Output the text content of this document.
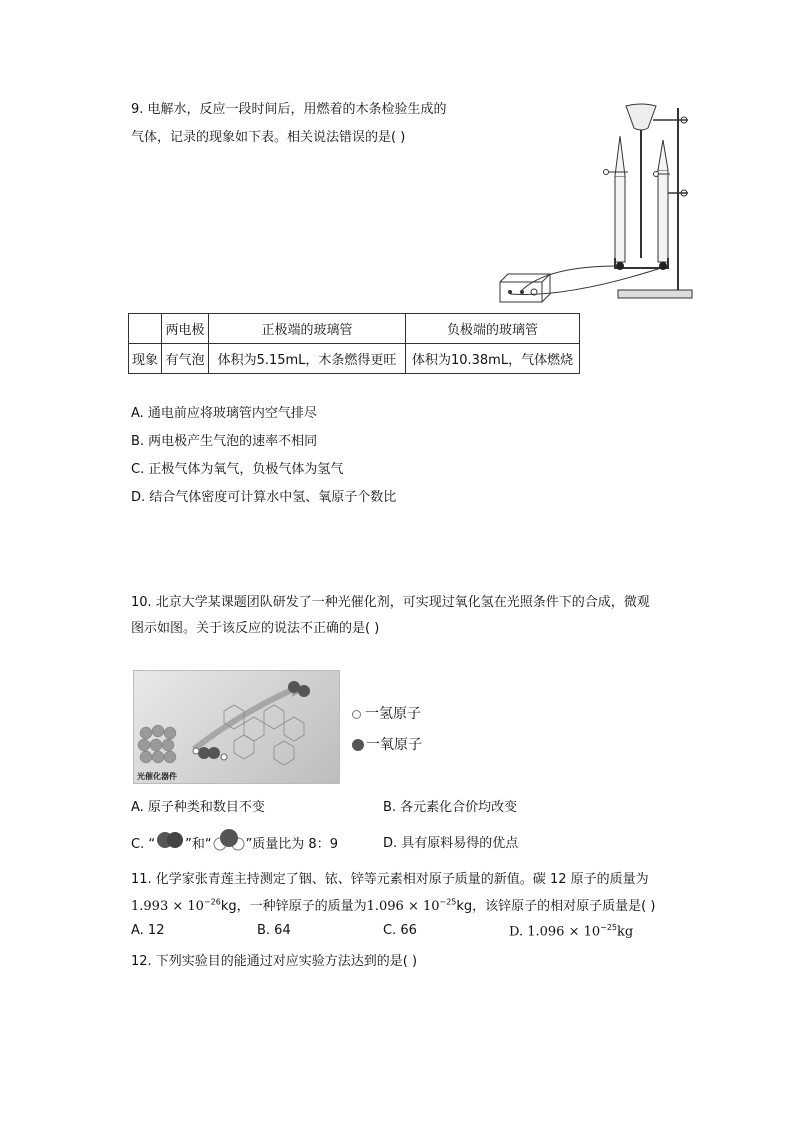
9. 电解水，反应一段时间后，用燃着的木条检验生成的
气体，记录的现象如下表。相关说法错误的是( )
	两电极	正极端的玻璃管	负极端的玻璃管
现象	有气泡	体积为5.15mL，木条燃得更旺	体积为10.38mL，气体燃烧
A. 通电前应将玻璃管内空气排尽
B. 两电极产生气泡的速率不相同
C. 正极气体为氧气，负极气体为氢气
D. 结合气体密度可计算水中氢、氧原子个数比
10. 北京大学某课题团队研发了一种光催化剂，可实现过氧化氢在光照条件下的合成，微观
图示如图。关于该反应的说法不正确的是( )
光催化器件
一氢原子
一氧原子
A. 原子种类和数目不变	B. 各元素化合价均改变
C. “ ”和“	”质量比为 8：9	D. 具有原料易得的优点
11. 化学家张青莲主持测定了铟、铱、锌等元素相对原子质量的新值。碳 12 原子的质量为
$1.993 \times 10^{-26}kg$，一种锌原子的质量为$1.096 \times 10^{-25}kg$，该锌原子的相对原子质量是( )
A. 12	B. 64	C. 66	D. $1.096 \times 10^{-25}kg$
12. 下列实验目的能通过对应实验方法达到的是( )
